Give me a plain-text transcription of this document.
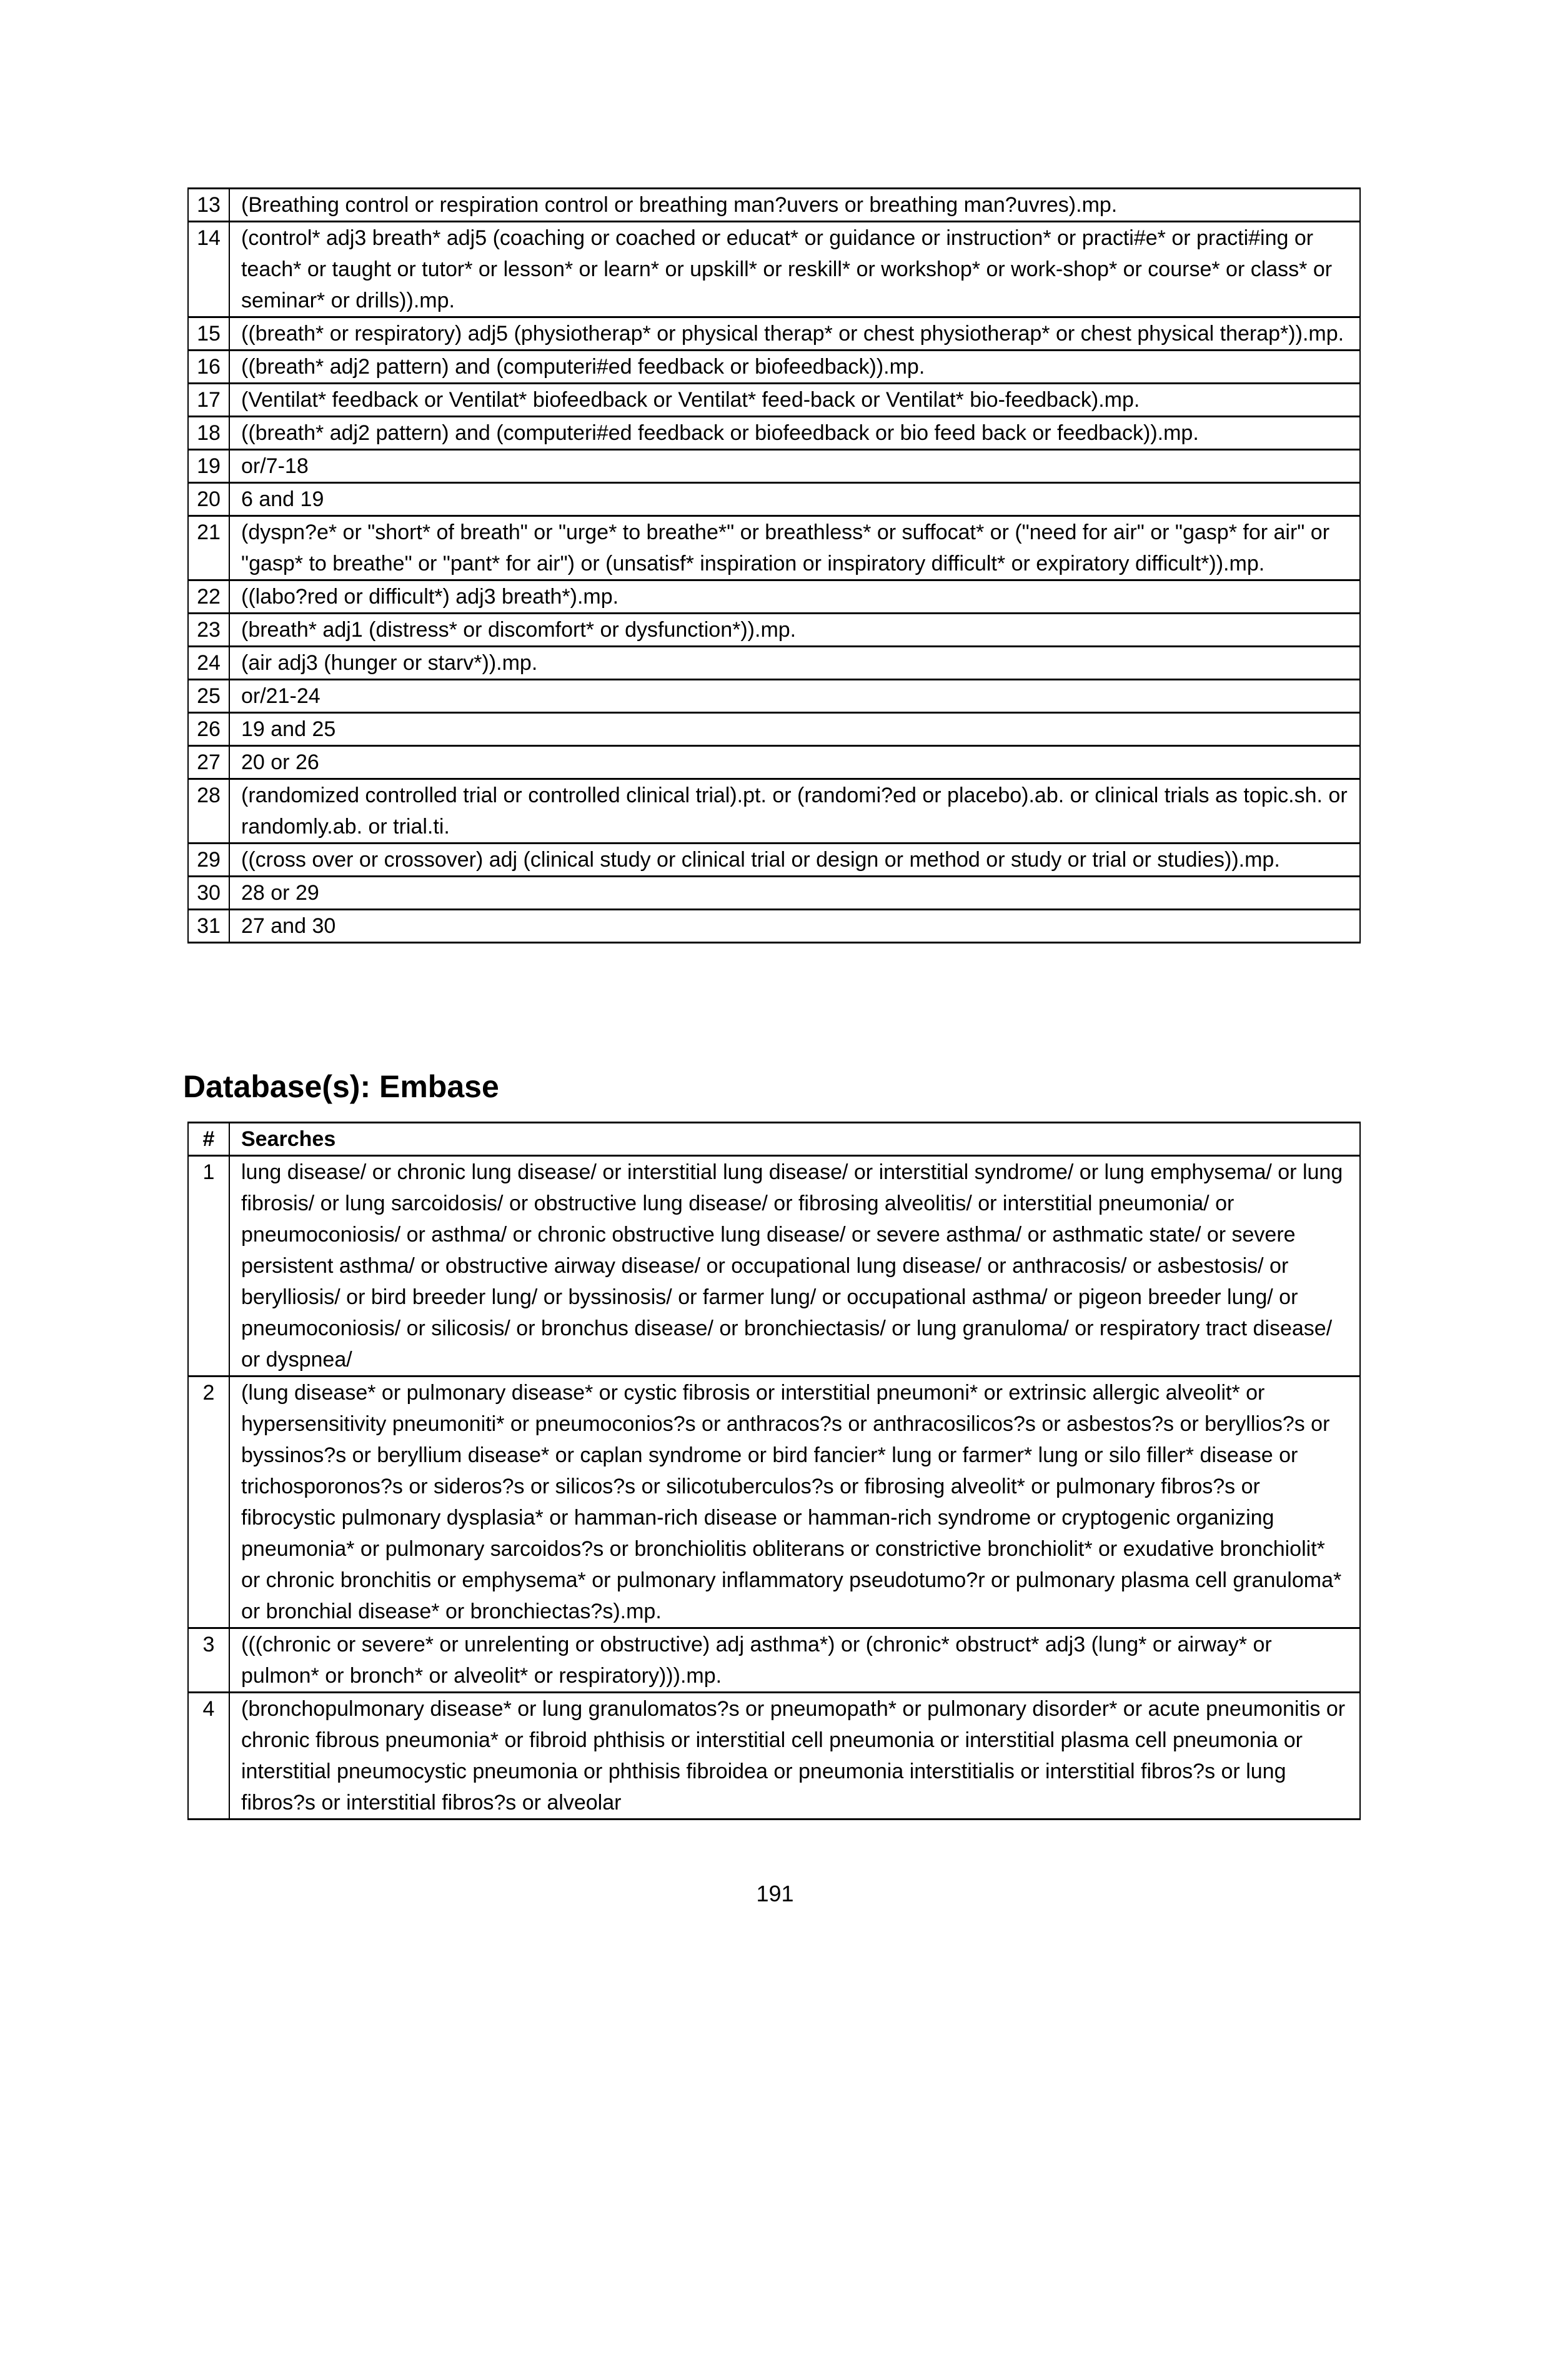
13	(Breathing control or respiration control or breathing man?uvers or breathing man?uvres).mp.
14	(control* adj3 breath* adj5 (coaching or coached or educat* or guidance or instruction* or practi#e* or practi#ing or teach* or taught or tutor* or lesson* or learn* or upskill* or reskill* or workshop* or work-shop* or course* or class* or seminar* or drills)).mp.
15	((breath* or respiratory) adj5 (physiotherap* or physical therap* or chest physiotherap* or chest physical therap*)).mp.
16	((breath* adj2 pattern) and (computeri#ed feedback or biofeedback)).mp.
17	(Ventilat* feedback or Ventilat* biofeedback or Ventilat* feed-back or Ventilat* bio-feedback).mp.
18	((breath* adj2 pattern) and (computeri#ed feedback or biofeedback or bio feed back or feedback)).mp.
19	or/7-18
20	6 and 19
21	(dyspn?e* or "short* of breath" or "urge* to breathe*" or breathless* or suffocat* or ("need for air" or "gasp* for air" or "gasp* to breathe" or "pant* for air") or (unsatisf* inspiration or inspiratory difficult* or expiratory difficult*)).mp.
22	((labo?red or difficult*) adj3 breath*).mp.
23	(breath* adj1 (distress* or discomfort* or dysfunction*)).mp.
24	(air adj3 (hunger or starv*)).mp.
25	or/21-24
26	19 and 25
27	20 or 26
28	(randomized controlled trial or controlled clinical trial).pt. or (randomi?ed or placebo).ab. or clinical trials as topic.sh. or randomly.ab. or trial.ti.
29	((cross over or crossover) adj (clinical study or clinical trial or design or method or study or trial or studies)).mp.
30	28 or 29
31	27 and 30
Database(s): Embase
#	Searches
1	lung disease/ or chronic lung disease/ or interstitial lung disease/ or interstitial syndrome/ or lung emphysema/ or lung fibrosis/ or lung sarcoidosis/ or obstructive lung disease/ or fibrosing alveolitis/ or interstitial pneumonia/ or pneumoconiosis/ or asthma/ or chronic obstructive lung disease/ or severe asthma/ or asthmatic state/ or severe persistent asthma/ or obstructive airway disease/ or occupational lung disease/ or anthracosis/ or asbestosis/ or berylliosis/ or bird breeder lung/ or byssinosis/ or farmer lung/ or occupational asthma/ or pigeon breeder lung/ or pneumoconiosis/ or silicosis/ or bronchus disease/ or bronchiectasis/ or lung granuloma/ or respiratory tract disease/ or dyspnea/
2	(lung disease* or pulmonary disease* or cystic fibrosis or interstitial pneumoni* or extrinsic allergic alveolit* or hypersensitivity pneumoniti* or pneumoconios?s or anthracos?s or anthracosilicos?s or asbestos?s or beryllios?s or byssinos?s or beryllium disease* or caplan syndrome or bird fancier* lung or farmer* lung or silo filler* disease or trichosporonos?s or sideros?s or silicos?s or silicotuberculos?s or fibrosing alveolit* or pulmonary fibros?s or fibrocystic pulmonary dysplasia* or hamman-rich disease or hamman-rich syndrome or cryptogenic organizing pneumonia* or pulmonary sarcoidos?s or bronchiolitis obliterans or constrictive bronchiolit* or exudative bronchiolit* or chronic bronchitis or emphysema* or pulmonary inflammatory pseudotumo?r or pulmonary plasma cell granuloma* or bronchial disease* or bronchiectas?s).mp.
3	(((chronic or severe* or unrelenting or obstructive) adj asthma*) or (chronic* obstruct* adj3 (lung* or airway* or pulmon* or bronch* or alveolit* or respiratory))).mp.
4	(bronchopulmonary disease* or lung granulomatos?s or pneumopath* or pulmonary disorder* or acute pneumonitis or chronic fibrous pneumonia* or fibroid phthisis or interstitial cell pneumonia or interstitial plasma cell pneumonia or interstitial pneumocystic pneumonia or phthisis fibroidea or pneumonia interstitialis or interstitial fibros?s or lung fibros?s or interstitial fibros?s or alveolar
191
